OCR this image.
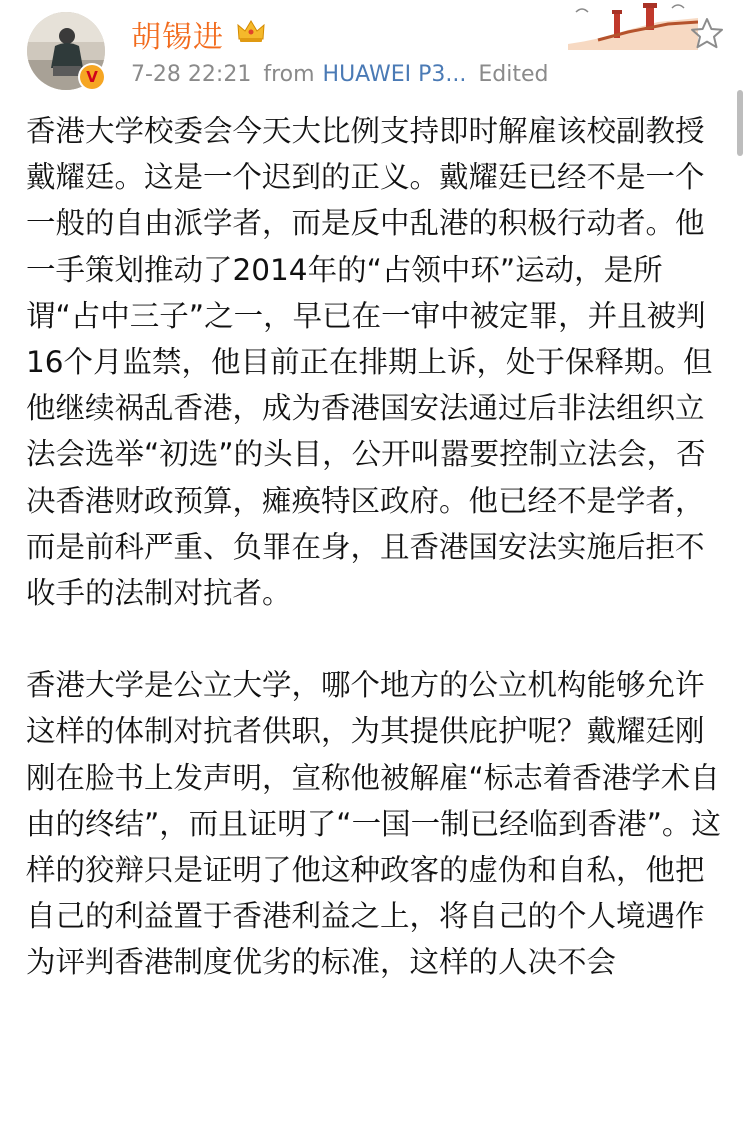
V
胡锡进
7-28 22:21 from HUAWEI P3... Edited

香港大学校委会今天大比例支持即时解雇该校副教授戴耀廷。这是一个迟到的正义。戴耀廷已经不是一个一般的自由派学者，而是反中乱港的积极行动者。他一手策划推动了2014年的“占领中环”运动，是所谓“占中三子”之一，早已在一审中被定罪，并且被判16个月监禁，他目前正在排期上诉，处于保释期。但他继续祸乱香港，成为香港国安法通过后非法组织立法会选举“初选”的头目，公开叫嚣要控制立法会，否决香港财政预算，瘫痪特区政府。他已经不是学者，而是前科严重、负罪在身，且香港国安法实施后拒不收手的法制对抗者。

香港大学是公立大学，哪个地方的公立机构能够允许这样的体制对抗者供职，为其提供庇护呢？戴耀廷刚刚在脸书上发声明，宣称他被解雇“标志着香港学术自由的终结”，而且证明了“一国一制已经临到香港”。这样的狡辩只是证明了他这种政客的虚伪和自私，他把自己的利益置于香港利益之上，将自己的个人境遇作为评判香港制度优劣的标准，这样的人决不会
